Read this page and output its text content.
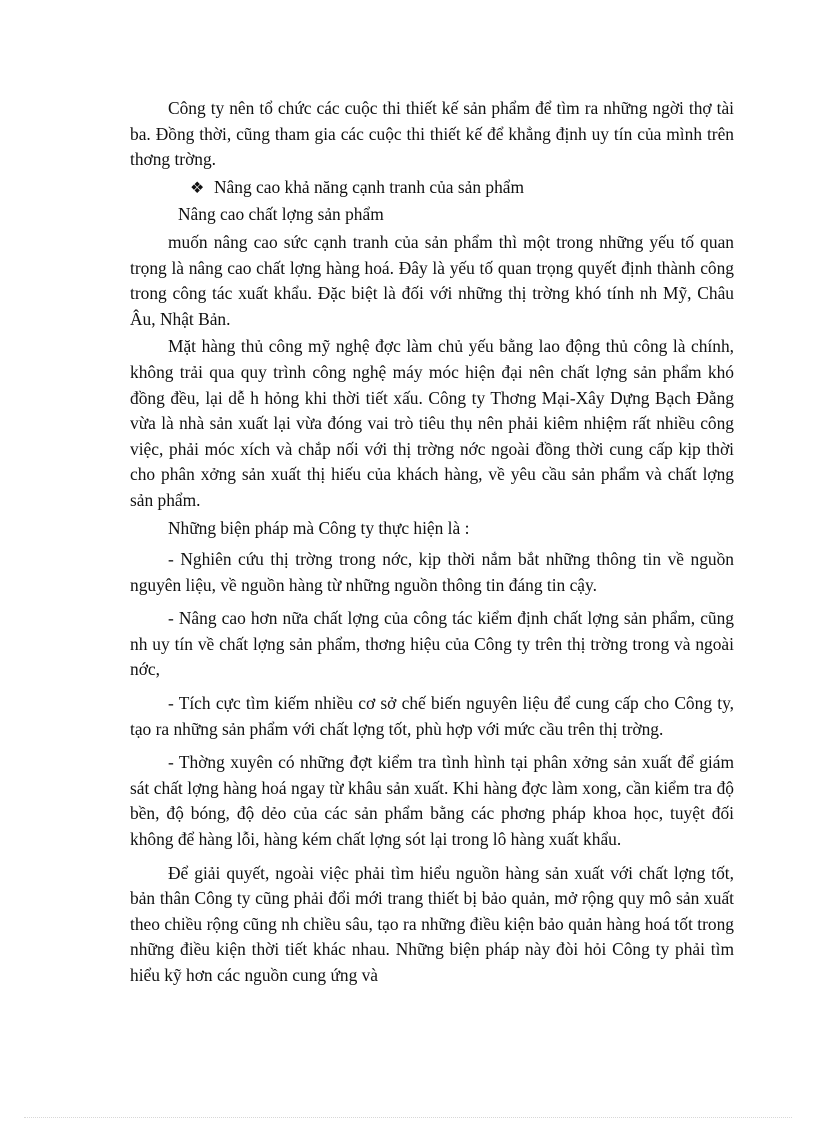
Công ty nên tổ chức các cuộc thi thiết kế sản phẩm để tìm ra những ngời thợ tài ba. Đồng thời, cũng tham gia các cuộc thi thiết kế để khẳng định uy tín của mình trên thơng trờng.

❖ Nâng cao khả năng cạnh tranh của sản phẩm
Nâng cao chất lợng sản phẩm

muốn nâng cao sức cạnh tranh của sản phẩm thì một trong những yếu tố quan trọng là nâng cao chất lợng hàng hoá. Đây là yếu tố quan trọng quyết định thành công trong công tác xuất khẩu. Đặc biệt là đối với những thị trờng khó tính nh Mỹ, Châu Âu, Nhật Bản.

Mặt hàng thủ công mỹ nghệ đợc làm chủ yếu bằng lao động thủ công là chính, không trải qua quy trình công nghệ máy móc hiện đại nên chất lợng sản phẩm khó đồng đều, lại dễ h hỏng khi thời tiết xấu. Công ty Thơng Mại-Xây Dựng Bạch Đằng vừa là nhà sản xuất lại vừa đóng vai trò tiêu thụ nên phải kiêm nhiệm rất nhiều công việc, phải móc xích và chắp nối với thị trờng nớc ngoài đồng thời cung cấp kịp thời cho phân xởng sản xuất thị hiếu của khách hàng, về yêu cầu sản phẩm và chất lợng sản phẩm.

Những biện pháp mà Công ty thực hiện là :

- Nghiên cứu thị trờng trong nớc, kịp thời nắm bắt những thông tin về nguồn nguyên liệu, về nguồn hàng từ những nguồn thông tin đáng tin cậy.

- Nâng cao hơn nữa chất lợng của công tác kiểm định chất lợng sản phẩm, cũng nh uy tín về chất lợng sản phẩm, thơng hiệu của Công ty trên thị trờng trong và ngoài nớc,

- Tích cực tìm kiếm nhiều cơ sở chế biến nguyên liệu để cung cấp cho Công ty, tạo ra những sản phẩm với chất lợng tốt, phù hợp với mức cầu trên thị trờng.

- Thờng xuyên có những đợt kiểm tra tình hình tại phân xởng sản xuất để giám sát chất lợng hàng hoá ngay từ khâu sản xuất. Khi hàng đợc làm xong, cần kiểm tra độ bền, độ bóng, độ dẻo của các sản phẩm bằng các phơng pháp khoa học, tuyệt đối không để hàng lỗi, hàng kém chất lợng sót lại trong lô hàng xuất khẩu.

Để giải quyết, ngoài việc phải tìm hiểu nguồn hàng sản xuất với chất lợng tốt, bản thân Công ty cũng phải đổi mới trang thiết bị bảo quản, mở rộng quy mô sản xuất theo chiều rộng cũng nh chiều sâu, tạo ra những điều kiện bảo quản hàng hoá tốt trong những điều kiện thời tiết khác nhau. Những biện pháp này đòi hỏi Công ty phải tìm hiểu kỹ hơn các nguồn cung ứng và
